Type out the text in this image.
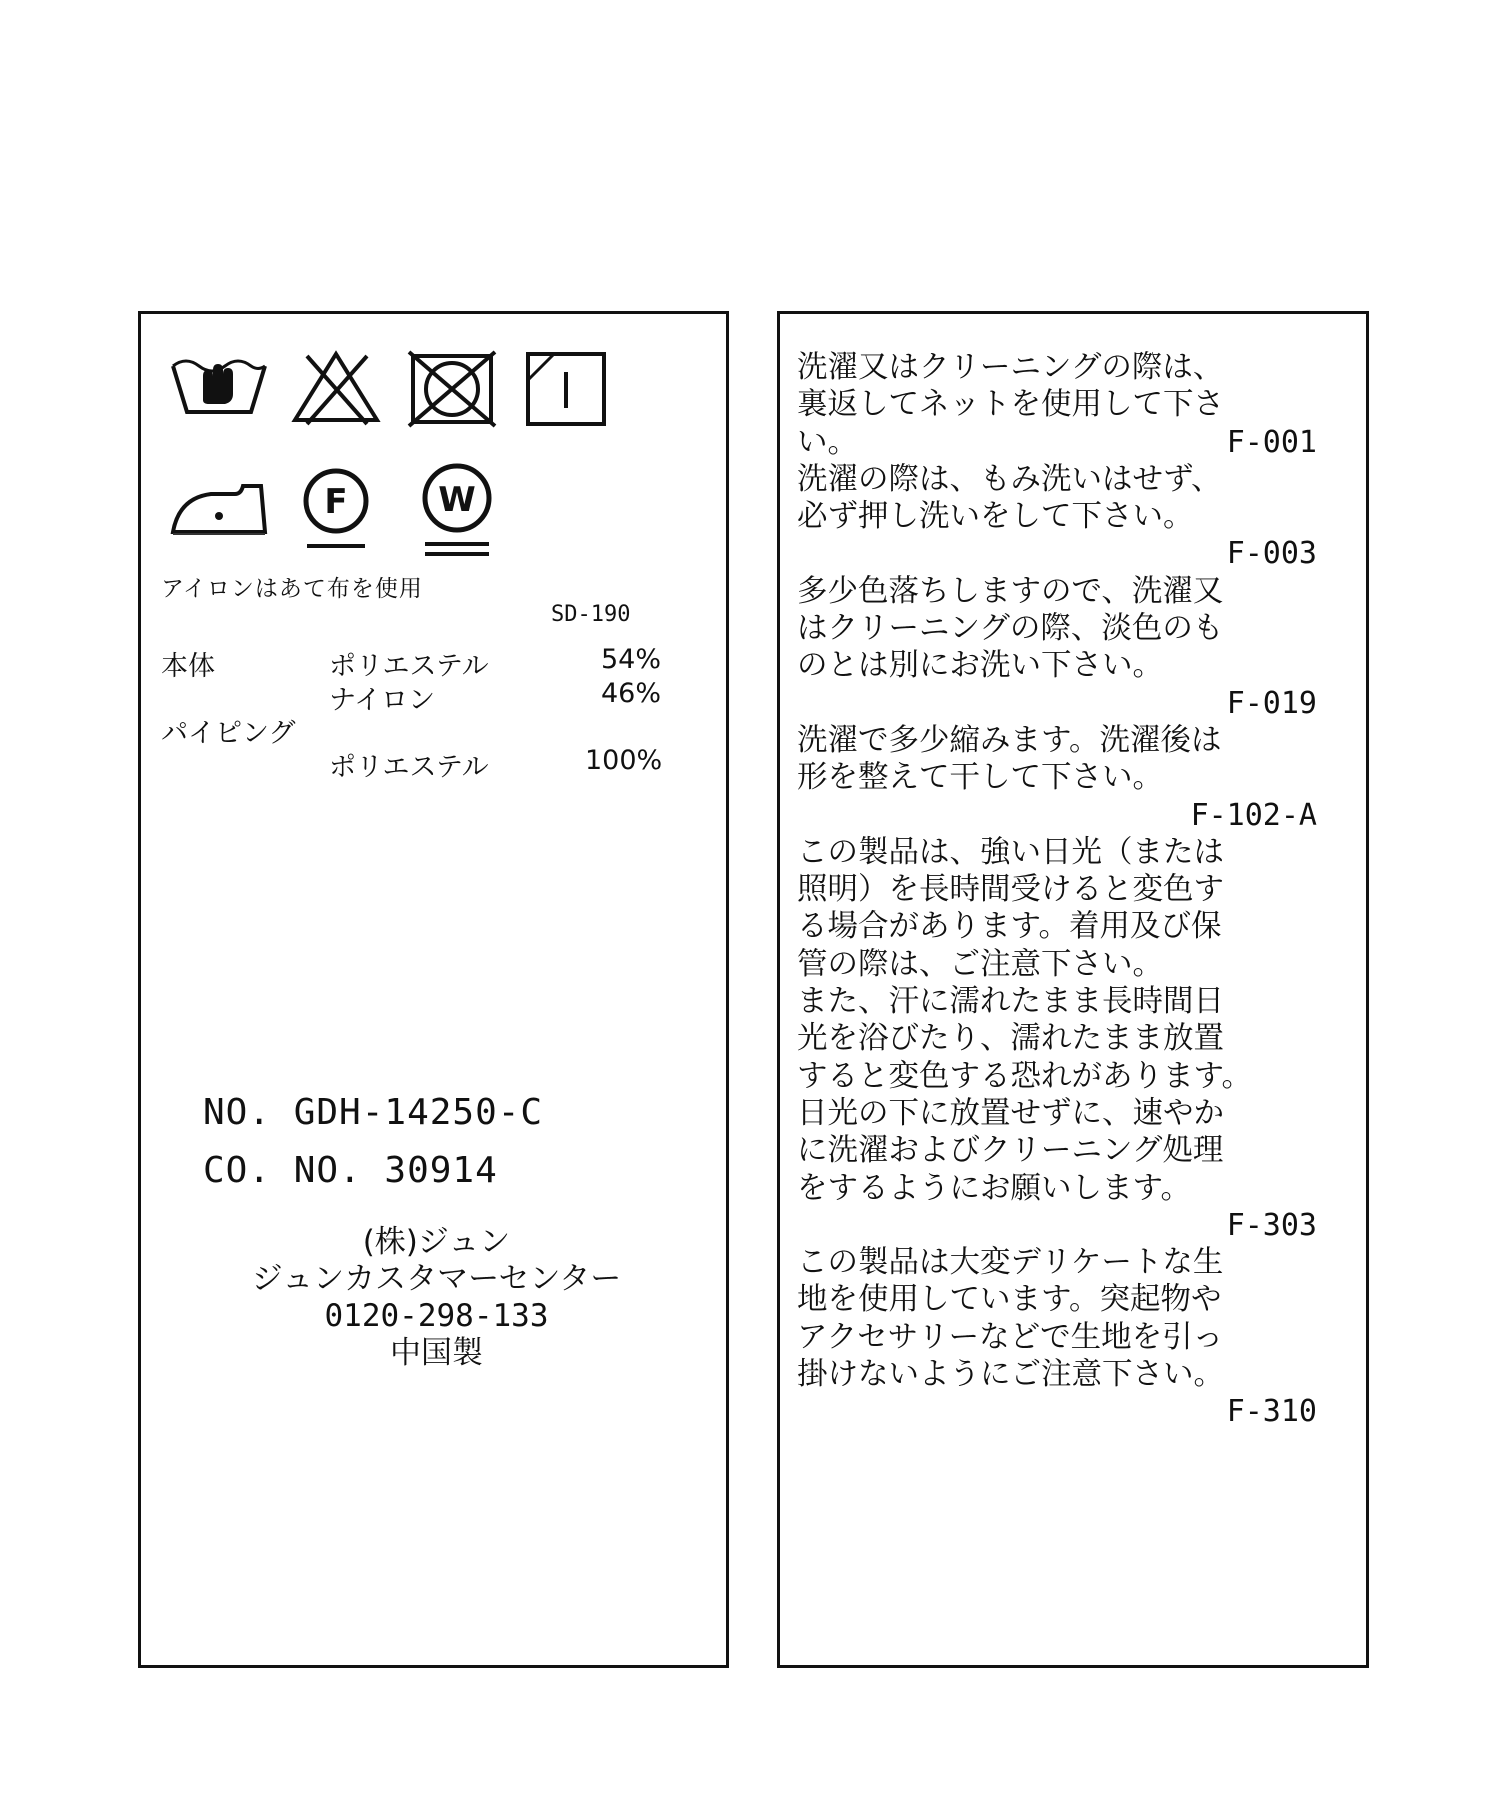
F	W
アイロンはあて布を使用
SD-190
本体	ポリエステル	54%
ナイロン	46%
パイピング
ポリエステル	100%
NO. GDH-14250-C
CO. NO. 30914
(株)ジュン
ジュンカスタマーセンター
0120-298-133
中国製
洗濯又はクリーニングの際は、
裏返してネットを使用して下さ
い。	F-001
洗濯の際は、もみ洗いはせず、
必ず押し洗いをして下さい。
F-003
多少色落ちしますので、洗濯又
はクリーニングの際、淡色のも
のとは別にお洗い下さい。
F-019
洗濯で多少縮みます。洗濯後は
形を整えて干して下さい。
F-102-A
この製品は、強い日光（または
照明）を長時間受けると変色す
る場合があります。着用及び保
管の際は、ご注意下さい。
また、汗に濡れたまま長時間日
光を浴びたり、濡れたまま放置
すると変色する恐れがあります。
日光の下に放置せずに、速やか
に洗濯およびクリーニング処理
をするようにお願いします。
F-303
この製品は大変デリケートな生
地を使用しています。突起物や
アクセサリーなどで生地を引っ
掛けないようにご注意下さい。
F-310
